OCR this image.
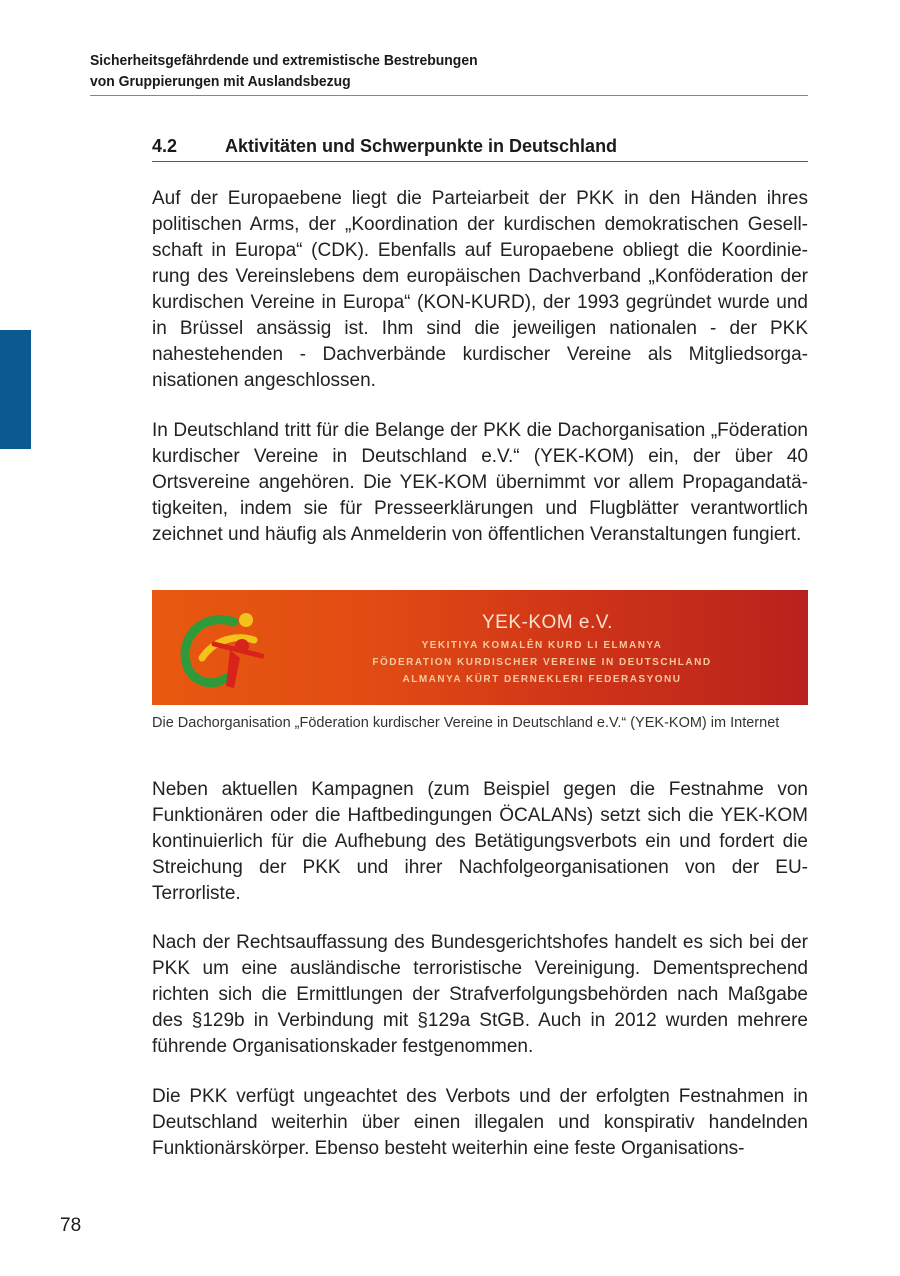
Sicherheitsgefährdende und extremistische Bestrebungen
von Gruppierungen mit Auslandsbezug
4.2	Aktivitäten und Schwerpunkte in Deutschland

Auf der Europaebene liegt die Parteiarbeit der PKK in den Händen ihres politischen Arms, der „Koordination der kurdischen demokratischen Gesellschaft in Europa“ (CDK). Ebenfalls auf Europaebene obliegt die Koordinierung des Vereinslebens dem europäischen Dachverband „Konföderation der kurdischen Vereine in Europa“ (KON-KURD), der 1993 gegründet wurde und in Brüssel ansässig ist. Ihm sind die jeweiligen nationalen - der PKK nahestehenden - Dachverbände kurdischer Vereine als Mitgliedsorganisationen angeschlossen.

In Deutschland tritt für die Belange der PKK die Dachorganisation „Föderation kurdischer Vereine in Deutschland e.V.“ (YEK-KOM) ein, der über 40 Ortsvereine angehören. Die YEK-KOM übernimmt vor allem Propagandatätigkeiten, indem sie für Presseerklärungen und Flugblätter verantwortlich zeichnet und häufig als Anmelderin von öffentlichen Veranstaltungen fungiert.

YEK-KOM e.V.
YEKITIYA KOMALÊN KURD LI ELMANYA
FÖDERATION KURDISCHER VEREINE IN DEUTSCHLAND
ALMANYA KÜRT DERNEKLERI FEDERASYONU

Die Dachorganisation „Föderation kurdischer Vereine in Deutschland e.V.“ (YEK-KOM) im Internet

Neben aktuellen Kampagnen (zum Beispiel gegen die Festnahme von Funktionären oder die Haftbedingungen ÖCALANs) setzt sich die YEK-KOM kontinuierlich für die Aufhebung des Betätigungsverbots ein und fordert die Streichung der PKK und ihrer Nachfolgeorganisationen von der EU-Terrorliste.

Nach der Rechtsauffassung des Bundesgerichtshofes handelt es sich bei der PKK um eine ausländische terroristische Vereinigung. Dementsprechend richten sich die Ermittlungen der Strafverfolgungsbehörden nach Maßgabe des §129b in Verbindung mit §129a StGB. Auch in 2012 wurden mehrere führende Organisationskader festgenommen.

Die PKK verfügt ungeachtet des Verbots und der erfolgten Festnahmen in Deutschland weiterhin über einen illegalen und konspirativ handelnden Funktionärskörper. Ebenso besteht weiterhin eine feste Organisations-

78
